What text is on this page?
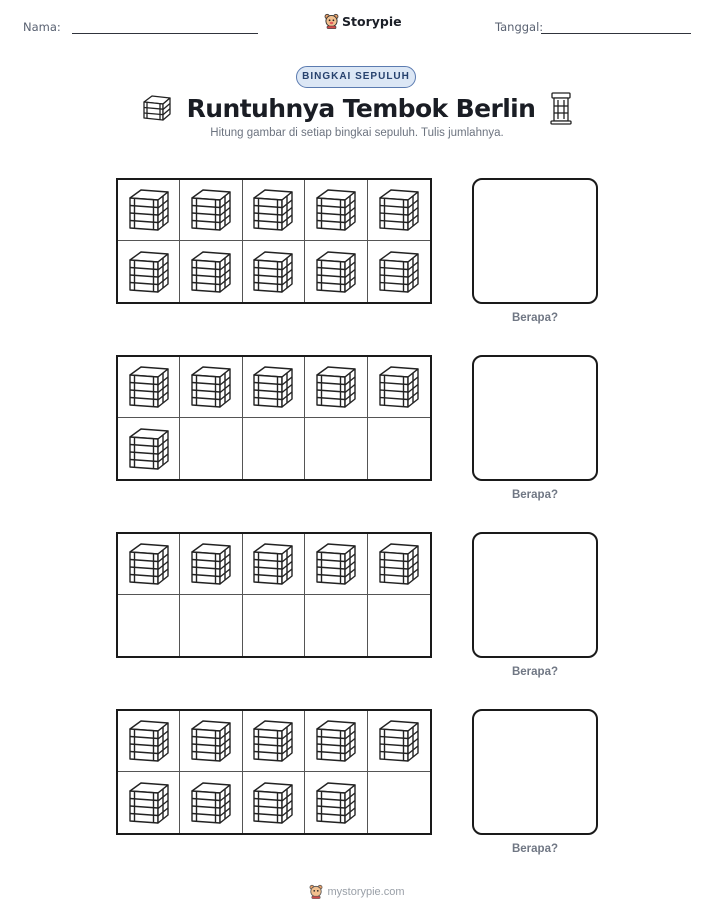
Nama:	Storypie	Tanggal:
BINGKAI SEPULUH
Runtuhnya Tembok Berlin
Hitung gambar di setiap bingkai sepuluh. Tulis jumlahnya.
Berapa?
Berapa?
Berapa?
Berapa?
mystorypie.com
